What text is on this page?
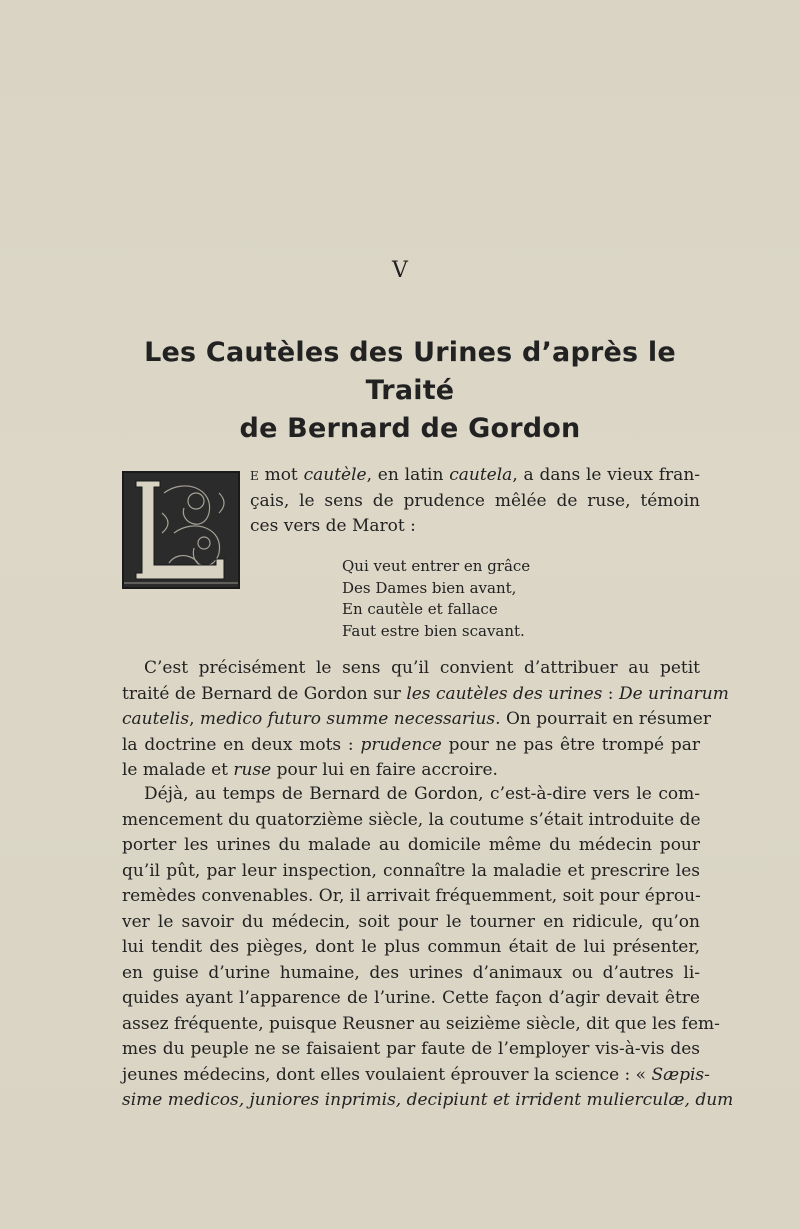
V
Les Cautèles des Urines d’après le Traité
de Bernard de Gordon
e mot cautèle, en latin cautela, a dans le vieux fran-
çais, le sens de prudence mêlée de ruse, témoin
ces vers de Marot :
Qui veut entrer en grâce
Des Dames bien avant,
En cautèle et fallace
Faut estre bien scavant.
C’est précisément le sens qu’il convient d’attribuer au petit
traité de Bernard de Gordon sur les cautèles des urines : De urinarum
cautelis, medico futuro summe necessarius. On pourrait en résumer
la doctrine en deux mots : prudence pour ne pas être trompé par
le malade et ruse pour lui en faire accroire.
Déjà, au temps de Bernard de Gordon, c’est-à-dire vers le com-
mencement du quatorzième siècle, la coutume s’était introduite de
porter les urines du malade au domicile même du médecin pour
qu’il pût, par leur inspection, connaître la maladie et prescrire les
remèdes convenables. Or, il arrivait fréquemment, soit pour éprou-
ver le savoir du médecin, soit pour le tourner en ridicule, qu’on
lui tendit des pièges, dont le plus commun était de lui présenter,
en guise d’urine humaine, des urines d’animaux ou d’autres li-
quides ayant l’apparence de l’urine. Cette façon d’agir devait être
assez fréquente, puisque Reusner au seizième siècle, dit que les fem-
mes du peuple ne se faisaient par faute de l’employer vis-à-vis des
jeunes médecins, dont elles voulaient éprouver la science : « Sæpis-
sime medicos, juniores inprimis, decipiunt et irrident mulierculæ, dum
